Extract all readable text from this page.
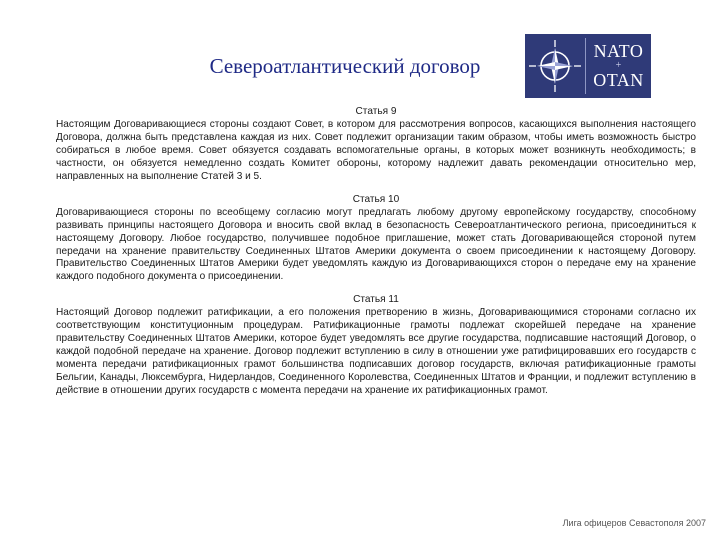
Североатлантический договор
NATO
+
OTAN
Статья 9
Настоящим Договаривающиеся стороны создают Совет, в котором для рассмотрения вопросов, касающихся выполнения настоящего Договора, должна быть представлена каждая из них. Совет подлежит организации таким образом, чтобы иметь возможность быстро собираться в любое время. Совет обязуется создавать вспомогательные органы, в которых может возникнуть необходимость; в частности, он обязуется немедленно создать Комитет обороны, которому надлежит давать рекомендации относительно мер, направленных на выполнение Статей 3 и 5.
Статья 10
Договаривающиеся стороны по всеобщему согласию могут предлагать любому другому европейскому государству, способному развивать принципы настоящего Договора и вносить свой вклад в безопасность Североатлантического региона, присоединиться к настоящему Договору. Любое государство, получившее подобное приглашение, может стать Договаривающейся стороной путем передачи на хранение правительству Соединенных Штатов Америки документа о своем присоединении к настоящему Договору. Правительство Соединенных Штатов Америки будет уведомлять каждую из Договаривающихся сторон о передаче ему на хранение каждого подобного документа о присоединении.
Статья 11
Настоящий Договор подлежит ратификации, а его положения претворению в жизнь, Договаривающимися сторонами согласно их соответствующим конституционным процедурам. Ратификационные грамоты подлежат скорейшей передаче на хранение правительству Соединенных Штатов Америки, которое будет уведомлять все другие государства, подписавшие настоящий Договор, о каждой подобной передаче на хранение. Договор подлежит вступлению в силу в отношении уже ратифицировавших его государств с момента передачи ратификационных грамот большинства подписавших договор государств, включая ратификационные грамоты Бельгии, Канады, Люксембурга, Нидерландов, Соединенного Королевства, Соединенных Штатов и Франции, и подлежит вступлению в действие в отношении других государств с момента передачи на хранение их ратификационных грамот.
Лига офицеров Севастополя 2007
